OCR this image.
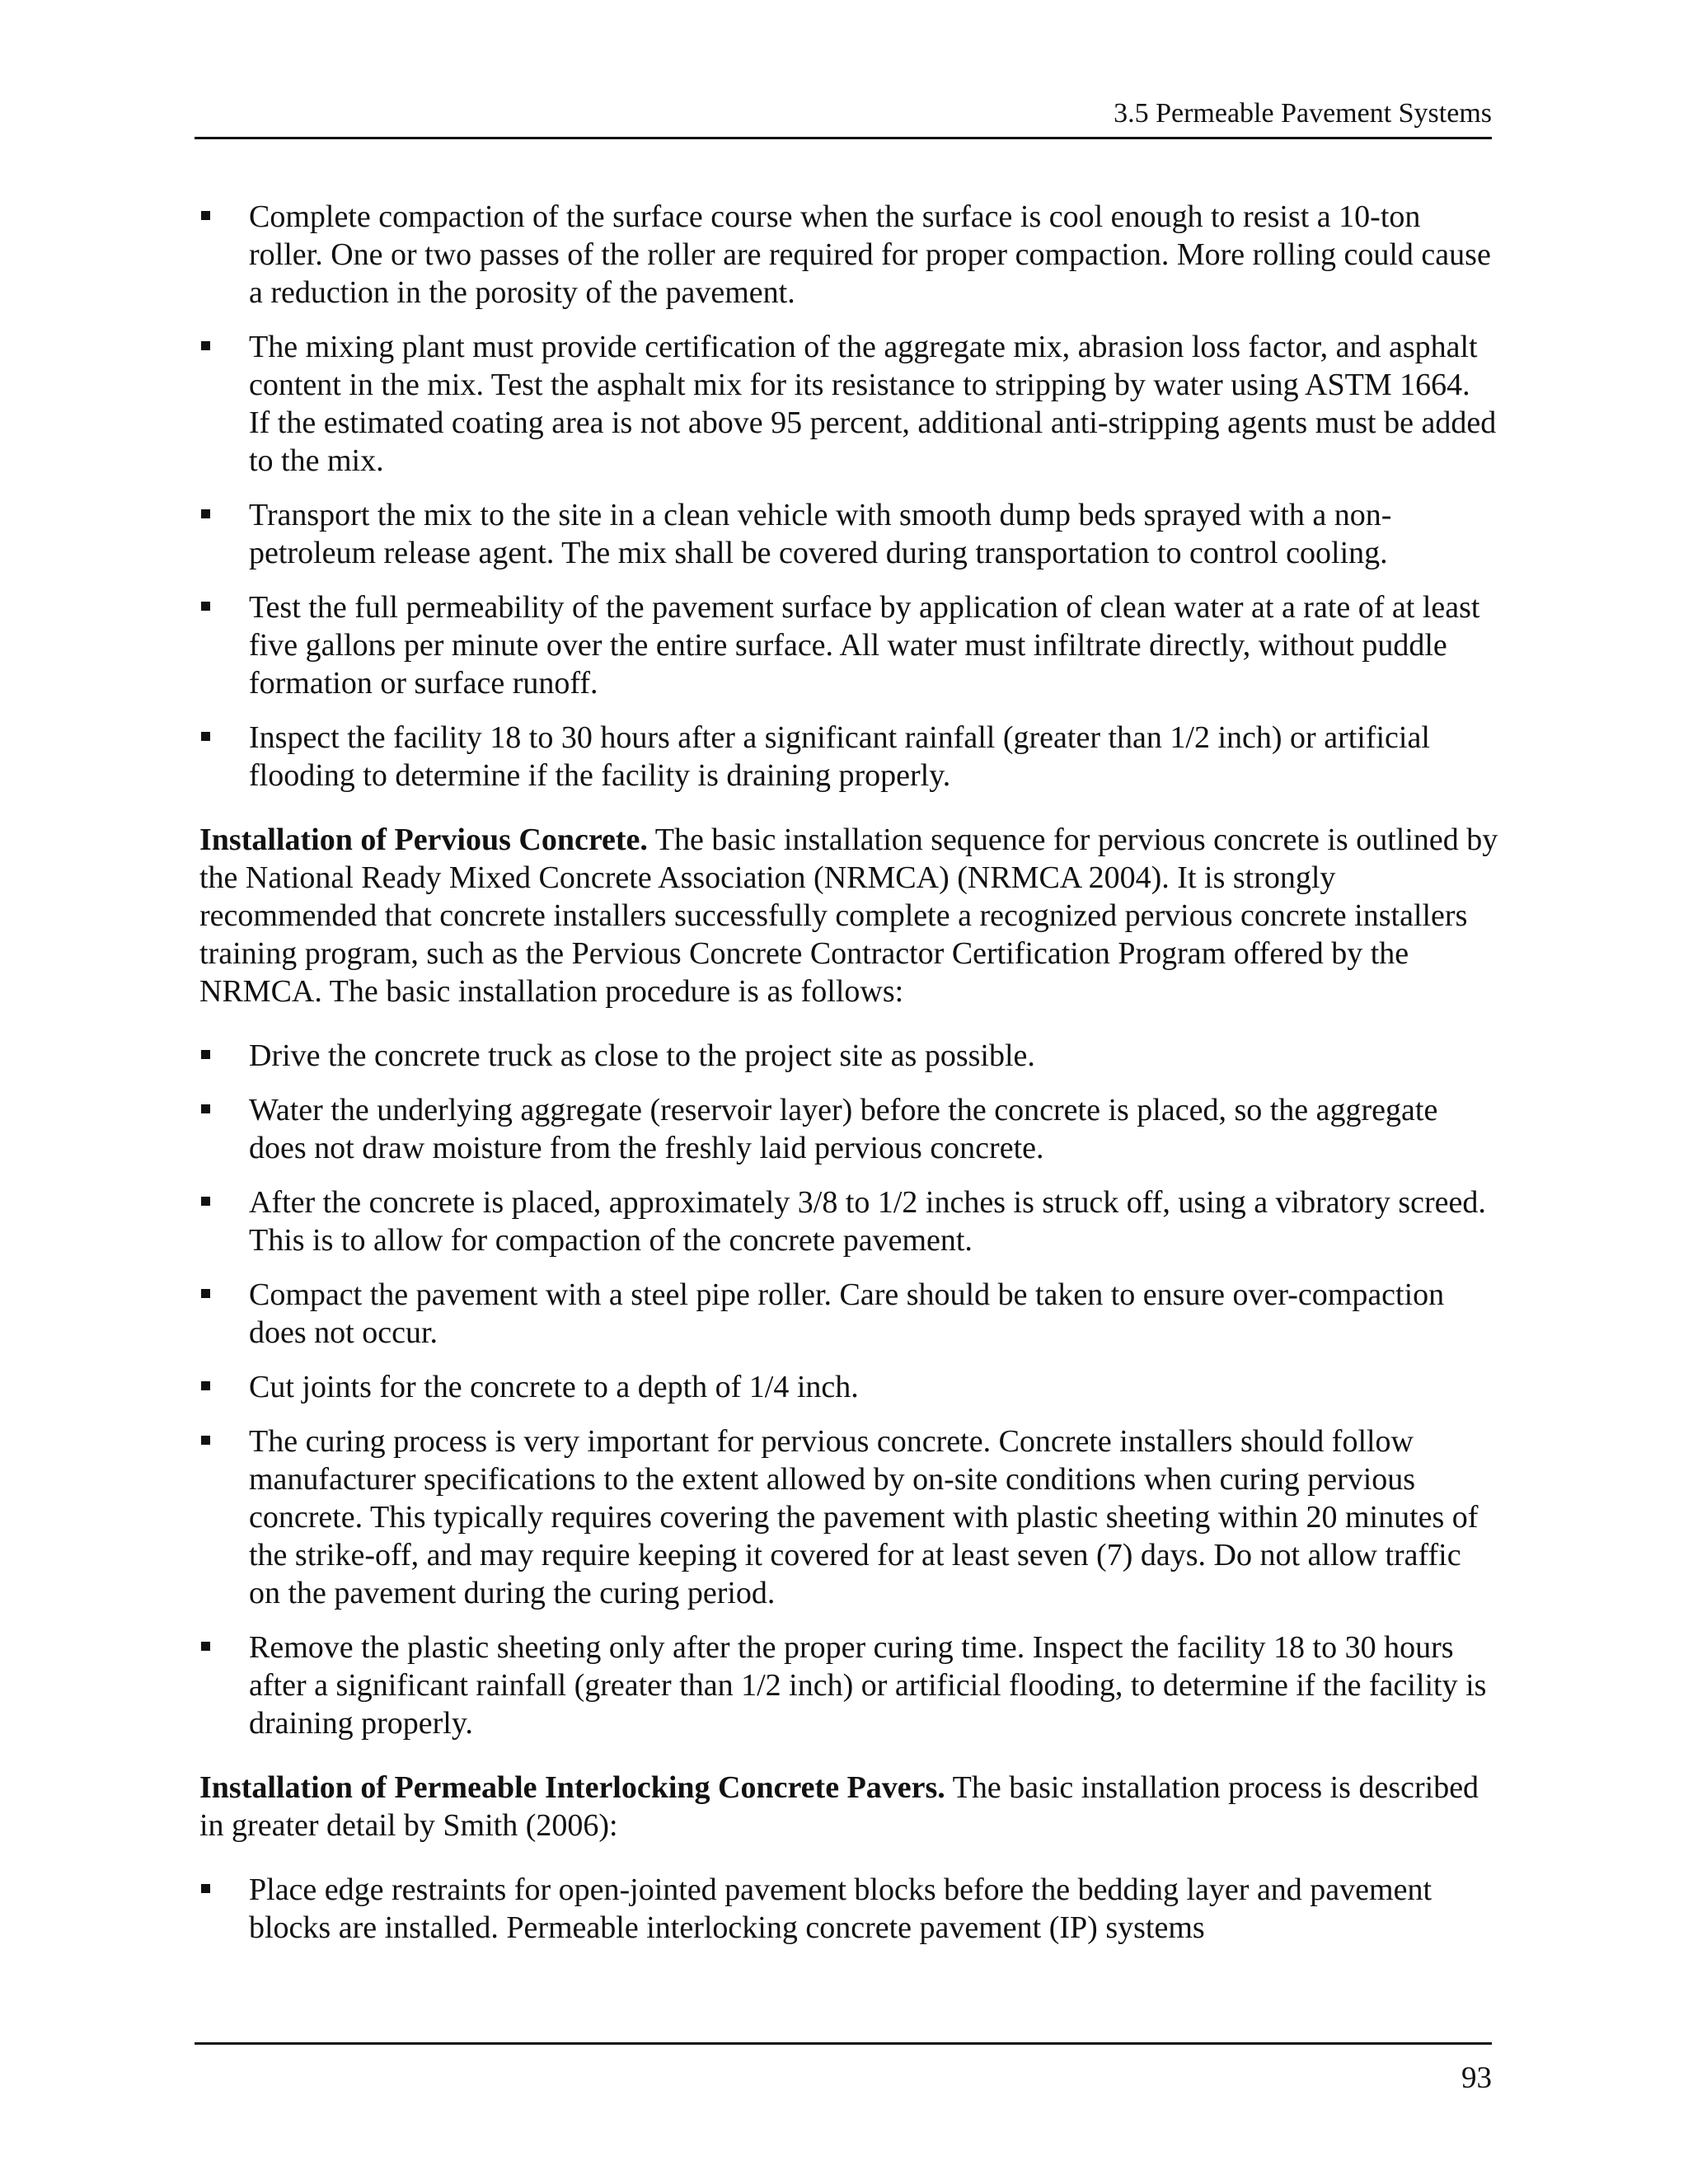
3.5 Permeable Pavement Systems
Complete compaction of the surface course when the surface is cool enough to resist a 10-ton roller. One or two passes of the roller are required for proper compaction. More rolling could cause a reduction in the porosity of the pavement.
The mixing plant must provide certification of the aggregate mix, abrasion loss factor, and asphalt content in the mix. Test the asphalt mix for its resistance to stripping by water using ASTM 1664. If the estimated coating area is not above 95 percent, additional anti-stripping agents must be added to the mix.
Transport the mix to the site in a clean vehicle with smooth dump beds sprayed with a non-petroleum release agent. The mix shall be covered during transportation to control cooling.
Test the full permeability of the pavement surface by application of clean water at a rate of at least five gallons per minute over the entire surface. All water must infiltrate directly, without puddle formation or surface runoff.
Inspect the facility 18 to 30 hours after a significant rainfall (greater than 1/2 inch) or artificial flooding to determine if the facility is draining properly.

Installation of Pervious Concrete. The basic installation sequence for pervious concrete is outlined by the National Ready Mixed Concrete Association (NRMCA) (NRMCA 2004). It is strongly recommended that concrete installers successfully complete a recognized pervious concrete installers training program, such as the Pervious Concrete Contractor Certification Program offered by the NRMCA. The basic installation procedure is as follows:

Drive the concrete truck as close to the project site as possible.
Water the underlying aggregate (reservoir layer) before the concrete is placed, so the aggregate does not draw moisture from the freshly laid pervious concrete.
After the concrete is placed, approximately 3/8 to 1/2 inches is struck off, using a vibratory screed. This is to allow for compaction of the concrete pavement.
Compact the pavement with a steel pipe roller. Care should be taken to ensure over-compaction does not occur.
Cut joints for the concrete to a depth of 1/4 inch.
The curing process is very important for pervious concrete. Concrete installers should follow manufacturer specifications to the extent allowed by on-site conditions when curing pervious concrete. This typically requires covering the pavement with plastic sheeting within 20 minutes of the strike-off, and may require keeping it covered for at least seven (7) days. Do not allow traffic on the pavement during the curing period.
Remove the plastic sheeting only after the proper curing time. Inspect the facility 18 to 30 hours after a significant rainfall (greater than 1/2 inch) or artificial flooding, to determine if the facility is draining properly.

Installation of Permeable Interlocking Concrete Pavers. The basic installation process is described in greater detail by Smith (2006):

Place edge restraints for open-jointed pavement blocks before the bedding layer and pavement blocks are installed. Permeable interlocking concrete pavement (IP) systems
93
